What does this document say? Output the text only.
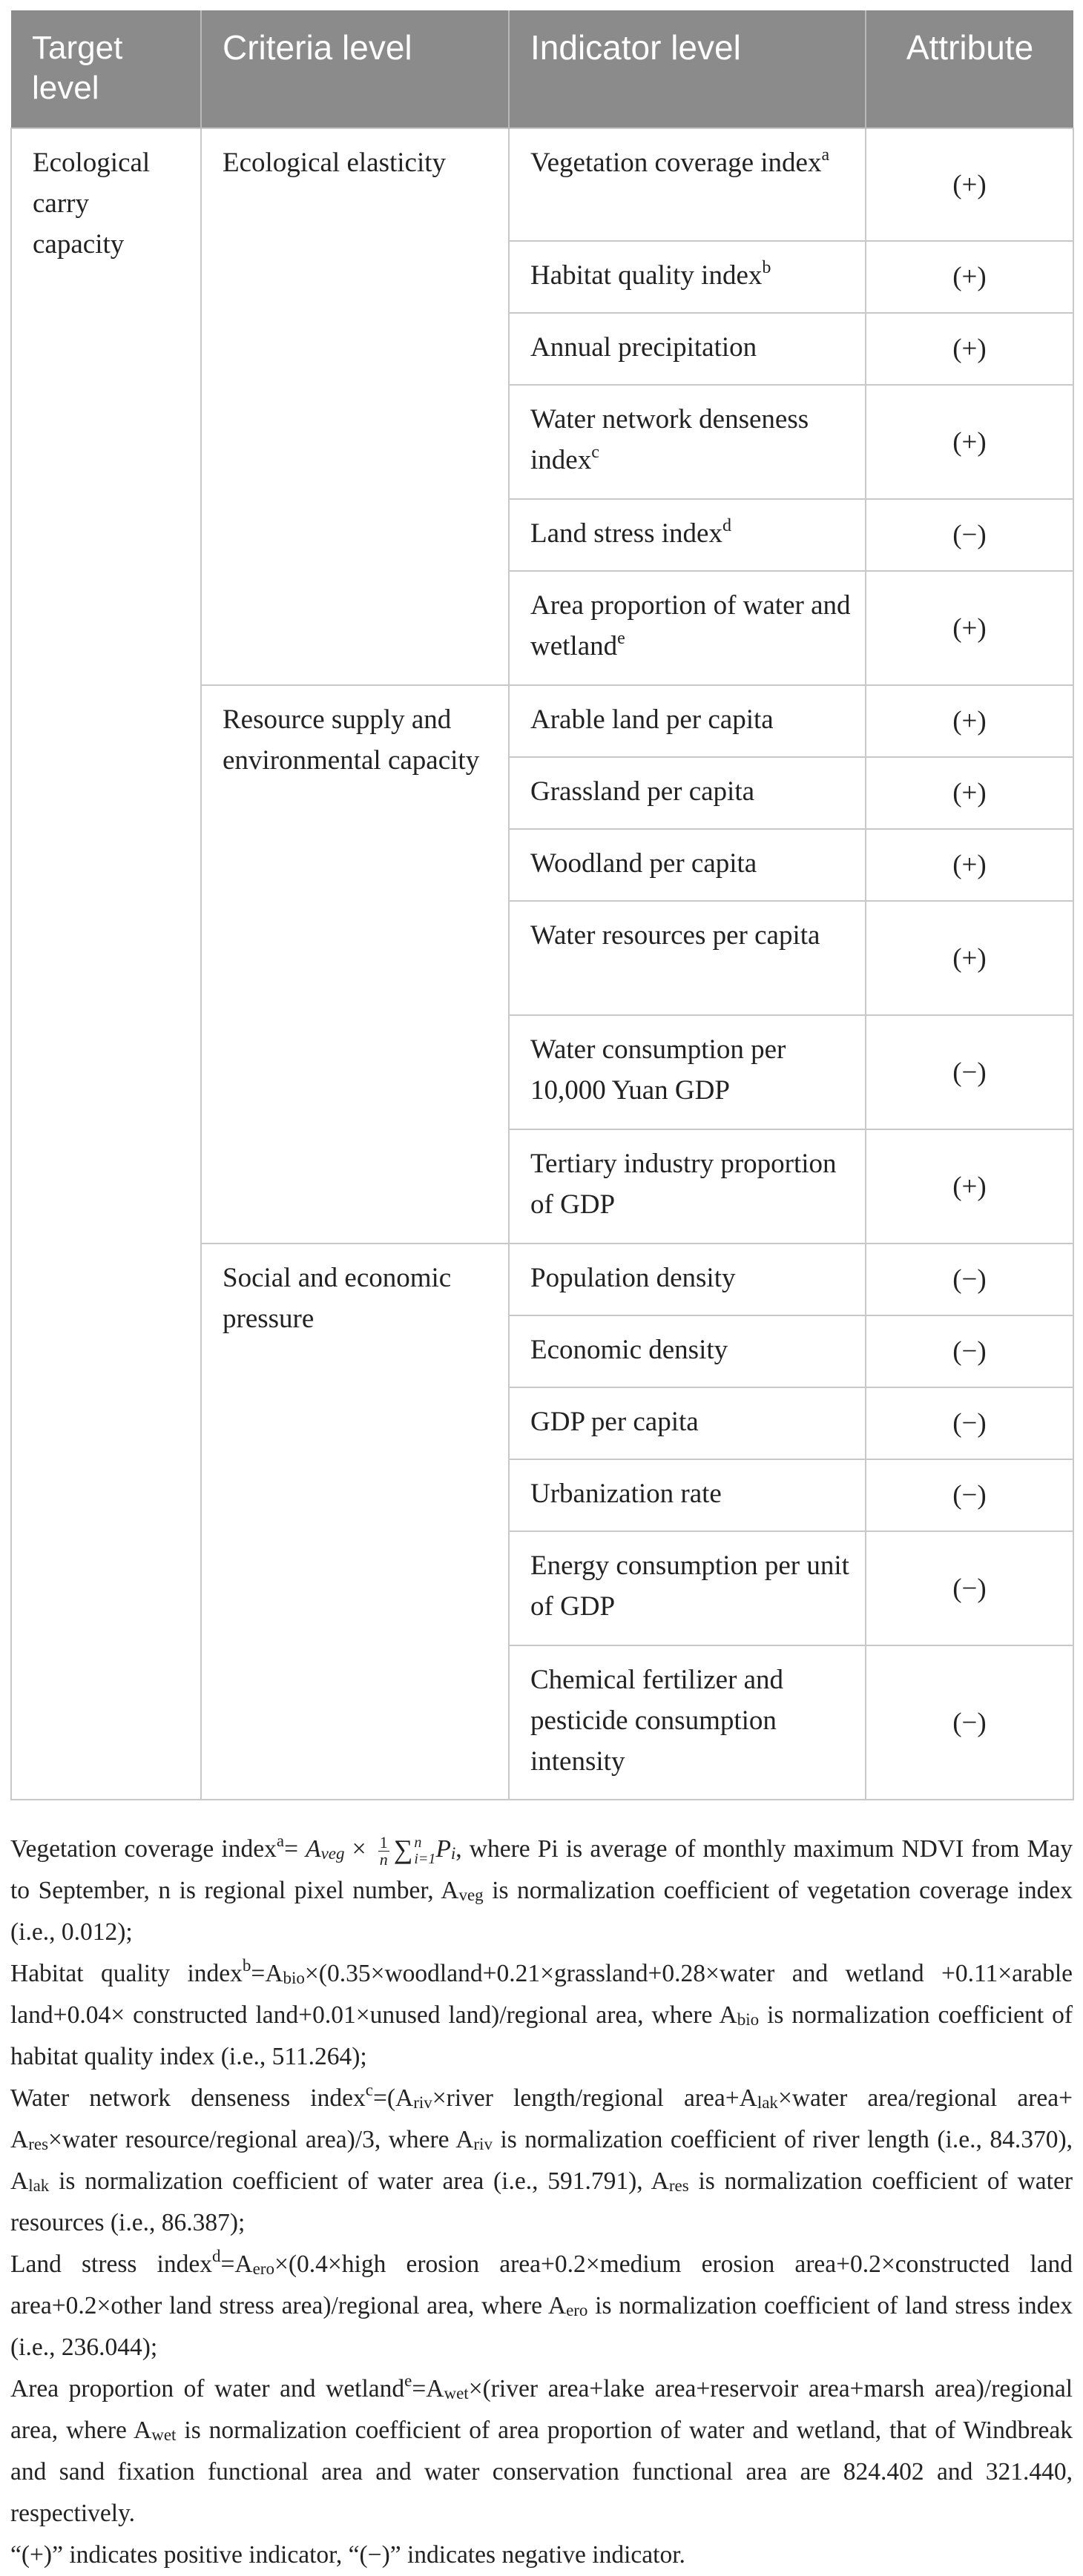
Target level	Criteria level	Indicator level	Attribute
Ecological carry capacity	Ecological elasticity	Vegetation coverage index$^a$	(+)
		Habitat quality index$^b$	(+)
		Annual precipitation	(+)
		Water network denseness index$^c$	(+)
		Land stress index$^d$	(−)
		Area proportion of water and wetland$^e$	(+)
	Resource supply and environmental capacity	Arable land per capita	(+)
		Grassland per capita	(+)
		Woodland per capita	(+)
		Water resources per capita	(+)
		Water consumption per 10,000 Yuan GDP	(−)
		Tertiary industry proportion of GDP	(+)
	Social and economic pressure	Population density	(−)
		Economic density	(−)
		GDP per capita	(−)
		Urbanization rate	(−)
		Energy consumption per unit of GDP	(−)
		Chemical fertilizer and pesticide consumption intensity	(−)

Vegetation coverage index$^a$= $A_{veg} \times \frac{1}{n}$ ∑ n
i=1 $P_i$, where Pi is average of monthly maximum NDVI from May to September, n is regional pixel number, $A_{veg}$ is normalization coefficient of vegetation coverage index (i.e., 0.012);

Habitat quality $index^b=A_{bio}\times(0.35\times woodland+0.21\times grassland+0.28\times water$ and wetland +0.11×arable land+0.04× constructed land+0.01×unused land)/regional area, where $A_{bio}$ is normalization coefficient of habitat quality index (i.e., 511.264);

Water network denseness $index^c=(A_{riv}\times river$ length/regional $area+A_{lak}\times water$ area/regional area+ $A_{res}\times water$ resource/regional area)/3, where $A_{riv}$ is normalization coefficient of river length (i.e., 84.370), $A_{lak}$ is normalization coefficient of water area (i.e., 591.791), $A_{res}$ is normalization coefficient of water resources (i.e., 86.387);

Land stress $index^d=A_{ero}\times(0.4\times high$ erosion area+0.2×medium erosion area+0.2×constructed land area+0.2×other land stress area)/regional area, where $A_{ero}$ is normalization coefficient of land stress index (i.e., 236.044);

Area proportion of water and $wetland^e=A_{wet}\times(river$ area+lake area+reservoir area+marsh area)/regional area, where $A_{wet}$ is normalization coefficient of area proportion of water and wetland, that of Windbreak and sand fixation functional area and water conservation functional area are 824.402 and 321.440, respectively.

“(+)” indicates positive indicator, “(−)” indicates negative indicator.
